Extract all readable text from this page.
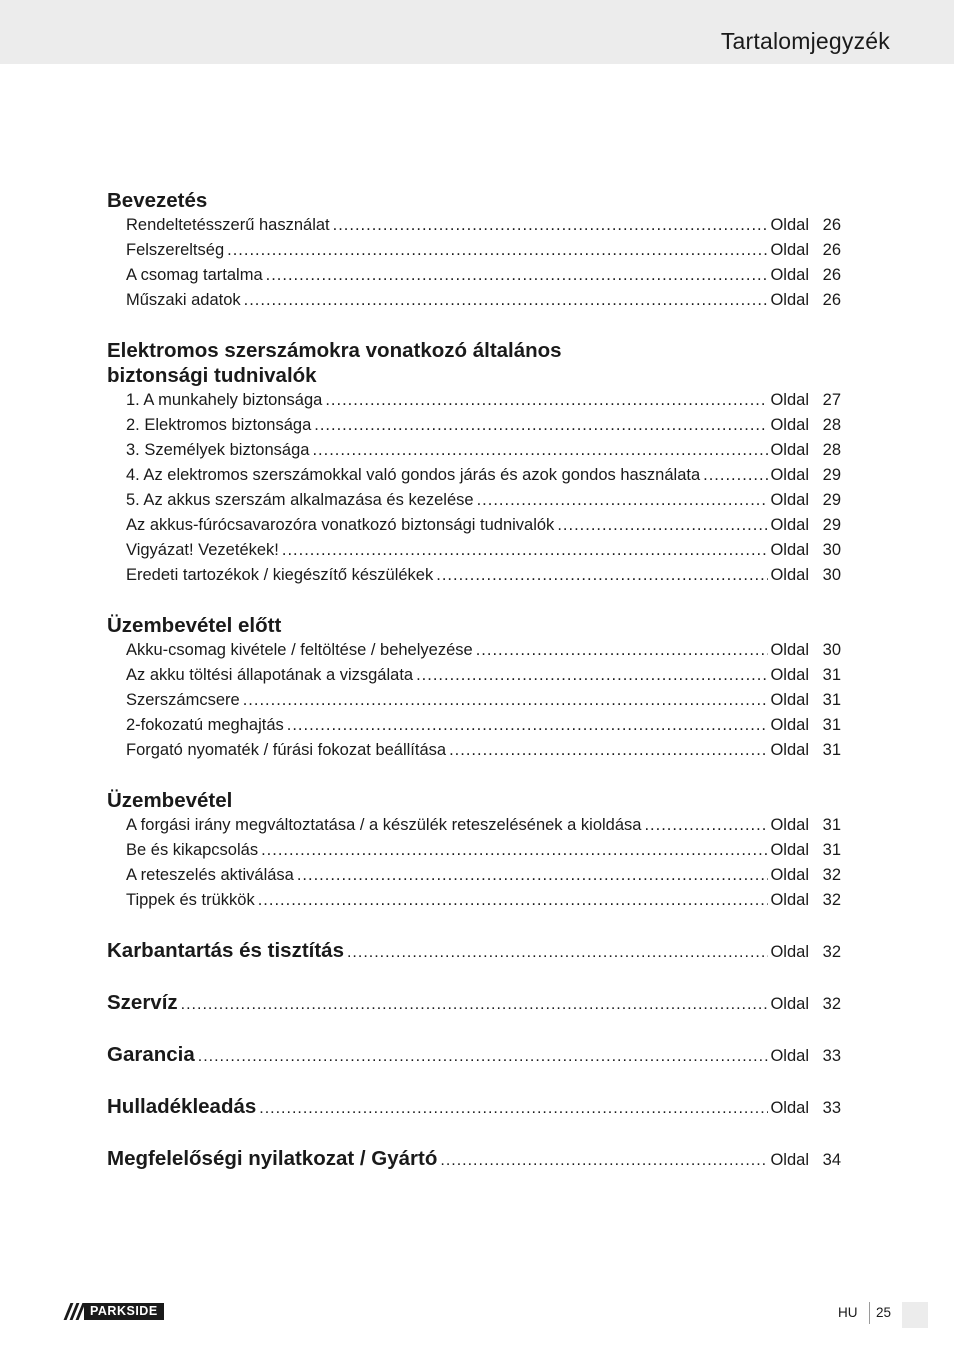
Tartalomjegyzék
Bevezetés
Rendeltetésszerű használat .....	Oldal 26
Felszereltség .....	Oldal 26
A csomag tartalma .....	Oldal 26
Műszaki adatok .....	Oldal 26
Elektromos szerszámokra vonatkozó általános
biztonsági tudnivalók
1. A munkahely biztonsága .....	Oldal 27
2. Elektromos biztonsága .....	Oldal 28
3. Személyek biztonsága .....	Oldal 28
4. Az elektromos szerszámokkal való gondos járás és azok gondos használata .....	Oldal 29
5. Az akkus szerszám alkalmazása és kezelése .....	Oldal 29
Az akkus-fúrócsavarozóra vonatkozó biztonsági tudnivalók .....	Oldal 29
Vigyázat! Vezetékek! .....	Oldal 30
Eredeti tartozékok / kiegészítő készülékek .....	Oldal 30
Üzembevétel előtt
Akku-csomag kivétele / feltöltése / behelyezése .....	Oldal 30
Az akku töltési állapotának a vizsgálata .....	Oldal 31
Szerszámcsere .....	Oldal 31
2-fokozatú meghajtás .....	Oldal 31
Forgató nyomaték / fúrási fokozat beállítása .....	Oldal 31
Üzembevétel
A forgási irány megváltoztatása / a készülék reteszelésének a kioldása .....	Oldal 31
Be és kikapcsolás .....	Oldal 31
A reteszelés aktiválása .....	Oldal 32
Tippek és trükkök .....	Oldal 32
Karbantartás és tisztítás .....	Oldal 32
Szervíz .....	Oldal 32
Garancia .....	Oldal 33
Hulladékleadás .....	Oldal 33
Megfelelőségi nyilatkozat / Gyártó .....	Oldal 34
PARKSIDE	HU 25
